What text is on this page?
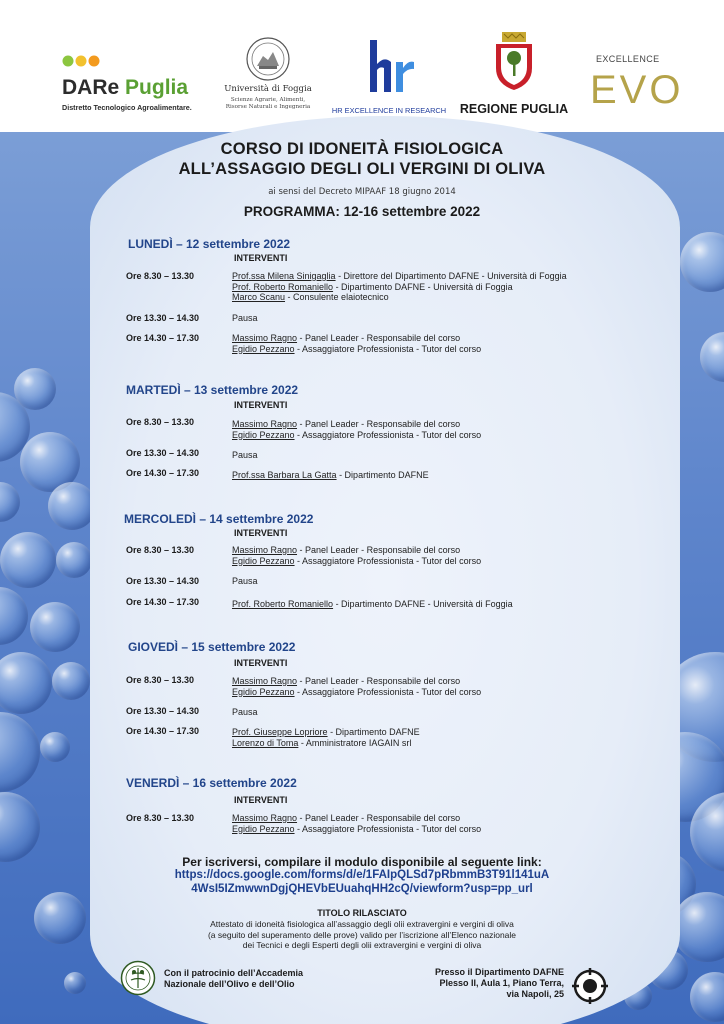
DARe Puglia
Distretto Tecnologico Agroalimentare.
Università di Foggia
Scienze Agrarie, Alimenti,
Risorse Naturali e Ingegneria	HR EXCELLENCE IN RESEARCH REGIONE PUGLIA
EXCELLENCE
EVO
CORSO DI IDONEITÀ FISIOLOGICA
ALL’ASSAGGIO DEGLI OLI VERGINI DI OLIVA
ai sensi del Decreto MIPAAF 18 giugno 2014
PROGRAMMA: 12-16 settembre 2022
LUNEDÌ – 12 settembre 2022
INTERVENTI
Ore 8.30 – 13.30	Prof.ssa Milena Sinigaglia - Direttore del Dipartimento DAFNE - Università di Foggia
Prof. Roberto Romaniello - Dipartimento DAFNE - Università di Foggia
Marco Scanu - Consulente elaiotecnico
Ore 13.30 – 14.30	Pausa
Ore 14.30 – 17.30	Massimo Ragno - Panel Leader - Responsabile del corso
Egidio Pezzano - Assaggiatore Professionista - Tutor del corso
MARTEDÌ – 13 settembre 2022
INTERVENTI
Ore 8.30 – 13.30	Massimo Ragno - Panel Leader - Responsabile del corso
Egidio Pezzano - Assaggiatore Professionista - Tutor del corso
Ore 13.30 – 14.30	Pausa
Ore 14.30 – 17.30	Prof.ssa Barbara La Gatta - Dipartimento DAFNE
MERCOLEDÌ – 14 settembre 2022
INTERVENTI
Ore 8.30 – 13.30	Massimo Ragno - Panel Leader - Responsabile del corso
Egidio Pezzano - Assaggiatore Professionista - Tutor del corso
Ore 13.30 – 14.30	Pausa
Ore 14.30 – 17.30	Prof. Roberto Romaniello - Dipartimento DAFNE - Università di Foggia
GIOVEDÌ – 15 settembre 2022
INTERVENTI
Ore 8.30 – 13.30	Massimo Ragno - Panel Leader - Responsabile del corso
Egidio Pezzano - Assaggiatore Professionista - Tutor del corso
Ore 13.30 – 14.30	Pausa
Ore 14.30 – 17.30	Prof. Giuseppe Lopriore - Dipartimento DAFNE
Lorenzo di Toma - Amministratore IAGAIN srl
VENERDÌ – 16 settembre 2022
INTERVENTI
Ore 8.30 – 13.30	Massimo Ragno - Panel Leader - Responsabile del corso
Egidio Pezzano - Assaggiatore Professionista - Tutor del corso
Per iscriversi, compilare il modulo disponibile al seguente link:
https://docs.google.com/forms/d/e/1FAIpQLSd7pRbmmB3T91l141uA
4WsI5IZmwwnDgjQHEVbEUuahqHH2cQ/viewform?usp=pp_url
TITOLO RILASCIATO
Attestato di idoneità fisiologica all’assaggio degli olii extravergini e vergini di oliva
(a seguito del superamento delle prove) valido per l’iscrizione all’Elenco nazionale
dei Tecnici e degli Esperti degli olii extravergini e vergini di oliva
Con il patrocinio dell’Accademia
Nazionale dell’Olivo e dell’Olio
Presso il Dipartimento DAFNE
Plesso II, Aula 1, Piano Terra,
via Napoli, 25
